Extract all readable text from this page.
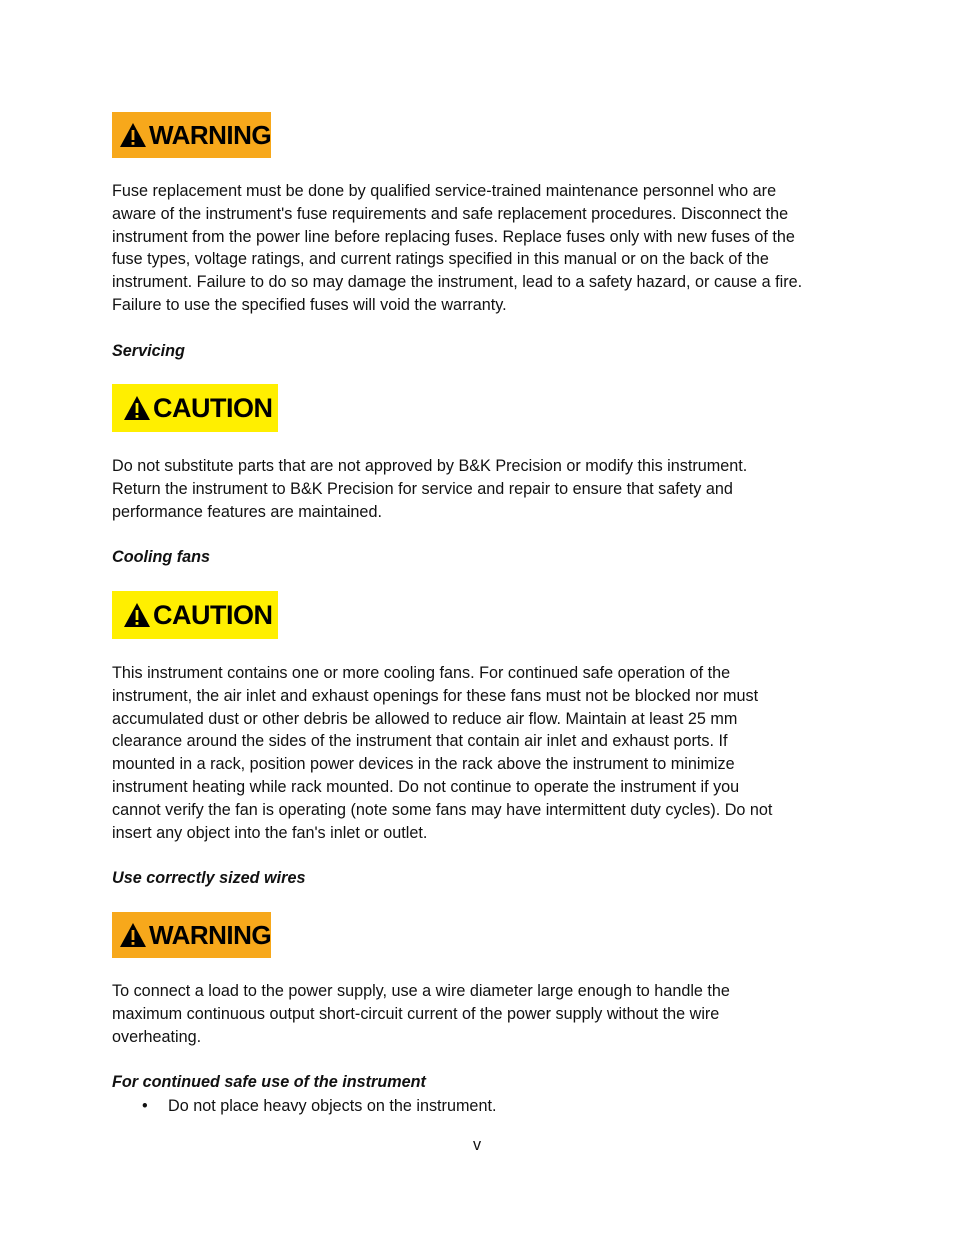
WARNING

Fuse replacement must be done by qualified service-trained maintenance personnel who are
aware of the instrument's fuse requirements and safe replacement procedures. Disconnect the
instrument from the power line before replacing fuses. Replace fuses only with new fuses of the
fuse types, voltage ratings, and current ratings specified in this manual or on the back of the
instrument. Failure to do so may damage the instrument, lead to a safety hazard, or cause a fire.
Failure to use the specified fuses will void the warranty.

Servicing

CAUTION

Do not substitute parts that are not approved by B&K Precision or modify this instrument.
Return the instrument to B&K Precision for service and repair to ensure that safety and
performance features are maintained.

Cooling fans

CAUTION

This instrument contains one or more cooling fans. For continued safe operation of the
instrument, the air inlet and exhaust openings for these fans must not be blocked nor must
accumulated dust or other debris be allowed to reduce air flow. Maintain at least 25 mm
clearance around the sides of the instrument that contain air inlet and exhaust ports. If
mounted in a rack, position power devices in the rack above the instrument to minimize
instrument heating while rack mounted. Do not continue to operate the instrument if you
cannot verify the fan is operating (note some fans may have intermittent duty cycles). Do not
insert any object into the fan's inlet or outlet.

Use correctly sized wires

WARNING

To connect a load to the power supply, use a wire diameter large enough to handle the
maximum continuous output short-circuit current of the power supply without the wire
overheating.

For continued safe use of the instrument

• Do not place heavy objects on the instrument.
v
